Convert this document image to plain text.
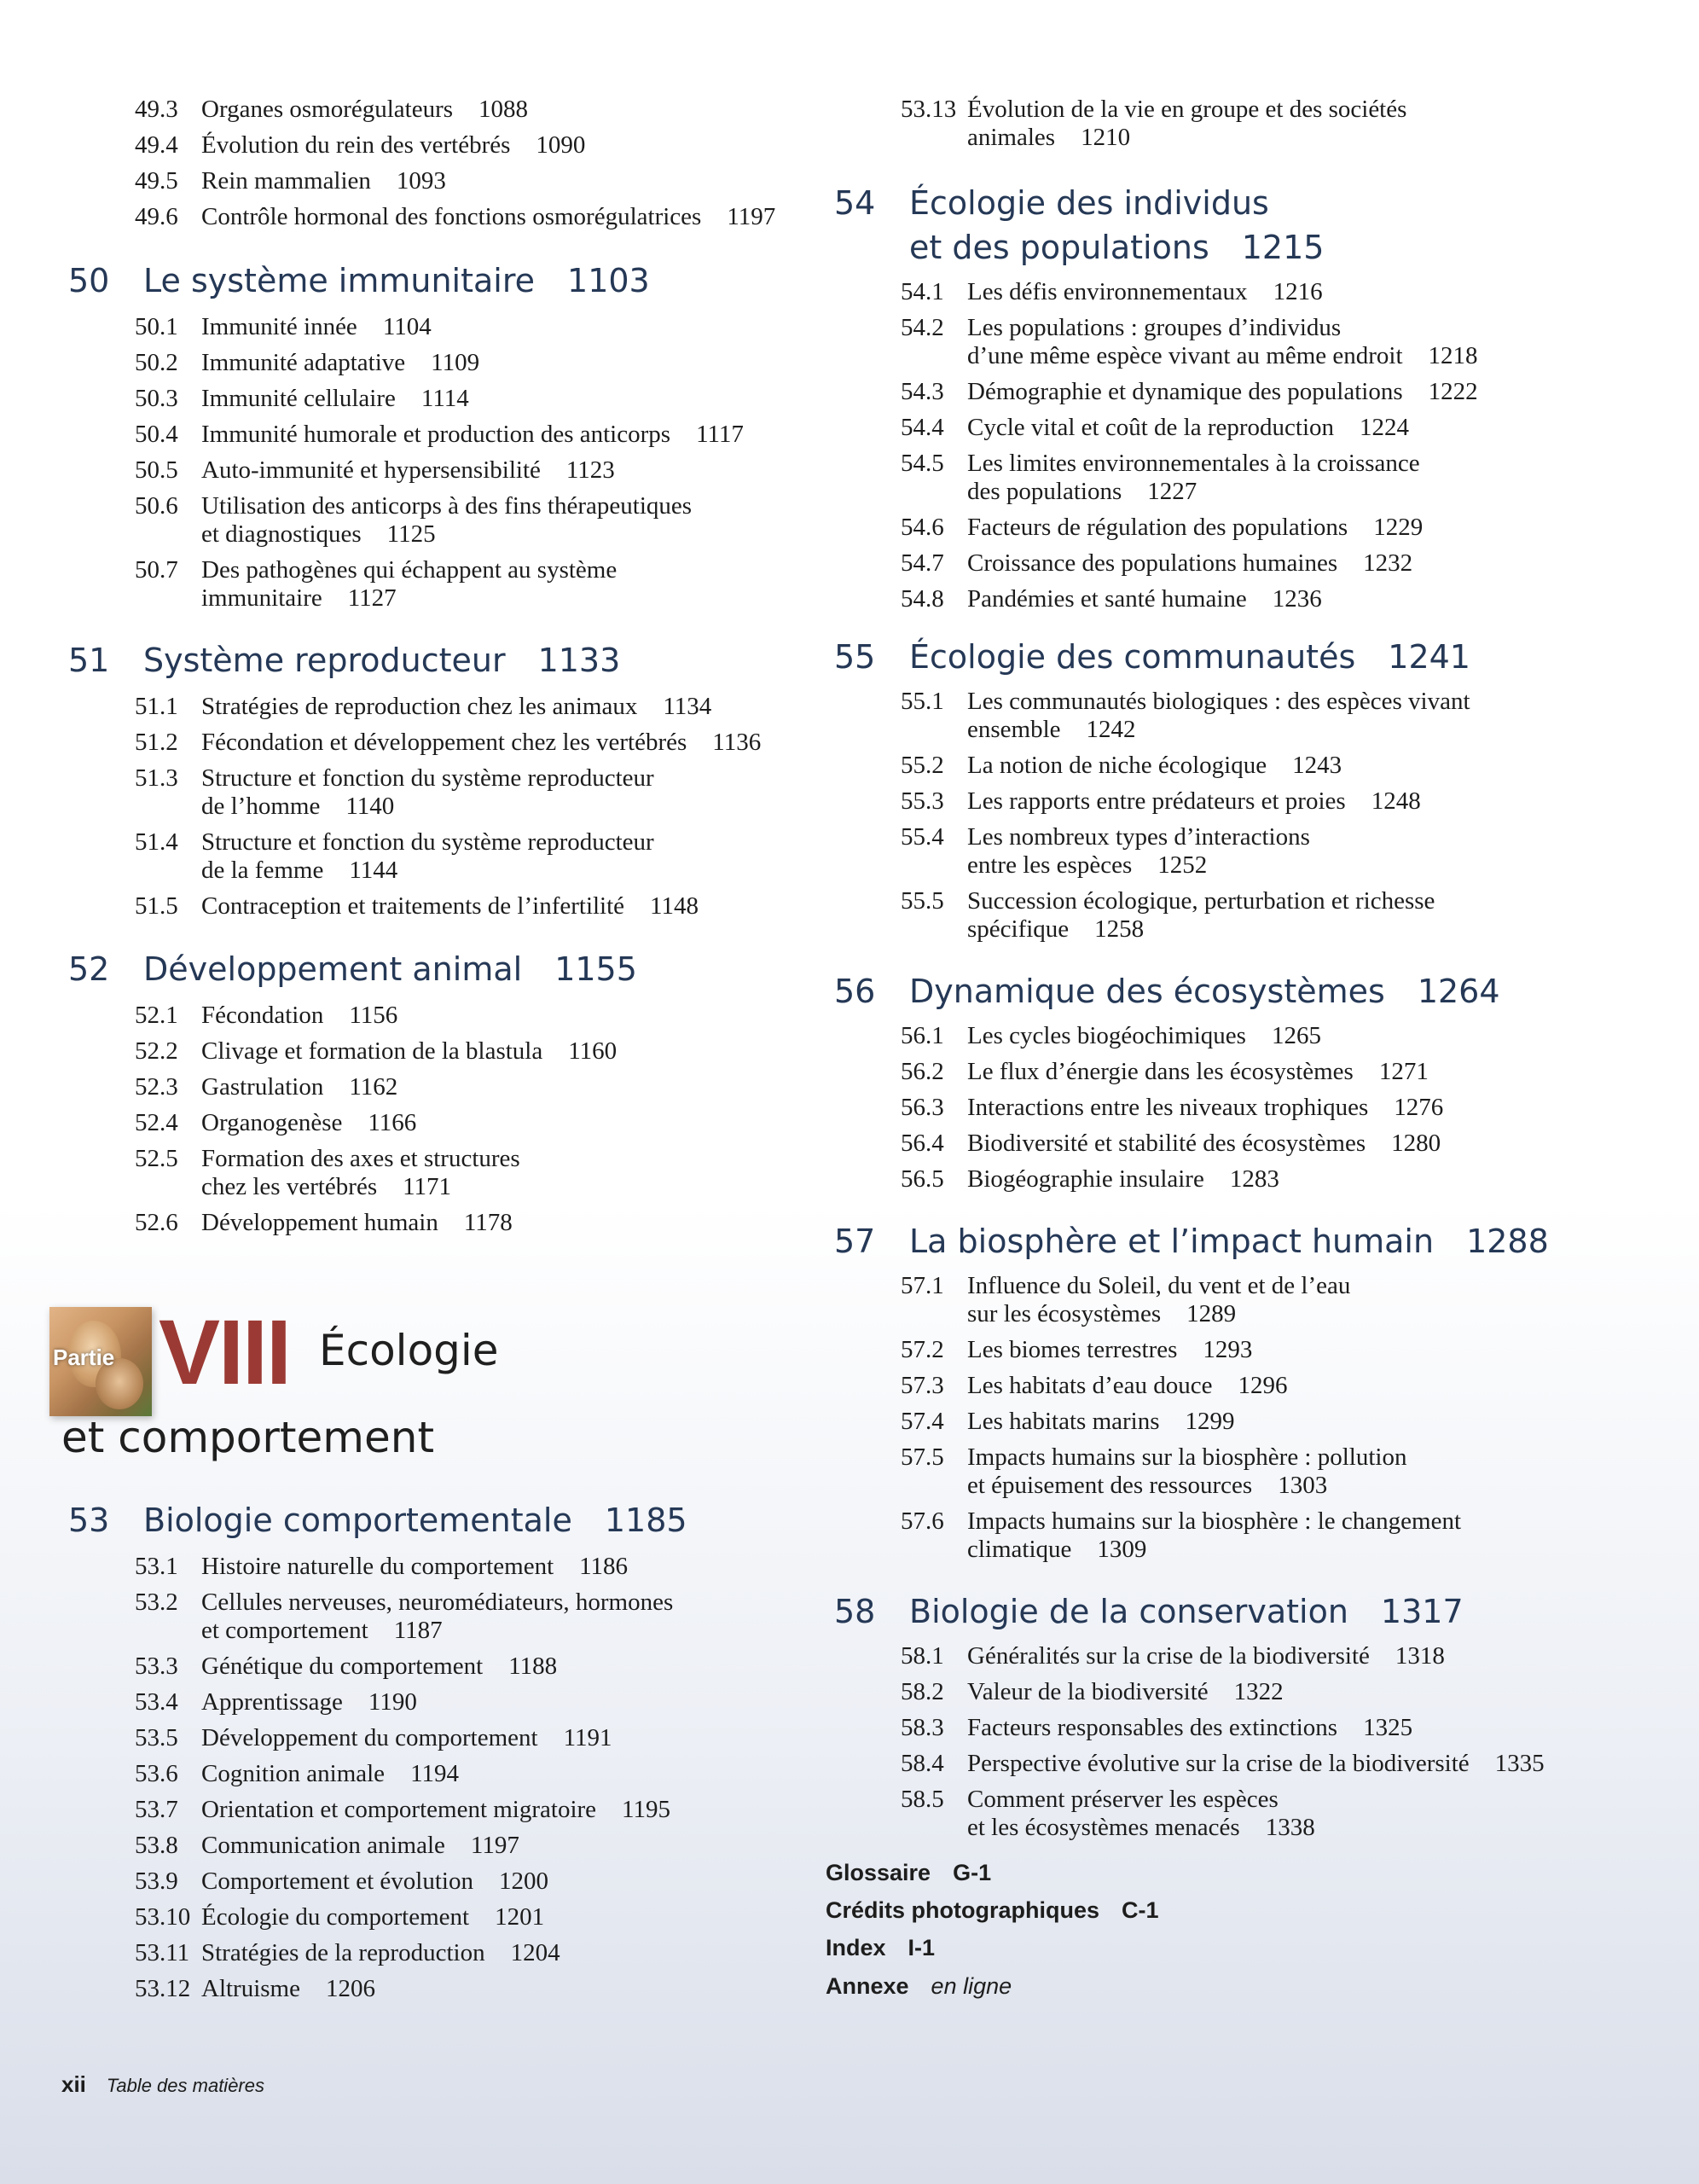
49.3 Organes osmorégulateurs 1088
49.4 Évolution du rein des vertébrés 1090
49.5 Rein mammalien 1093
49.6 Contrôle hormonal des fonctions osmorégulatrices 1197
50 Le système immunitaire 1103
50.1 Immunité innée 1104
50.2 Immunité adaptative 1109
50.3 Immunité cellulaire 1114
50.4 Immunité humorale et production des anticorps 1117
50.5 Auto-immunité et hypersensibilité 1123
50.6 Utilisation des anticorps à des fins thérapeutiques
et diagnostiques 1125
50.7 Des pathogènes qui échappent au système
immunitaire 1127
51 Système reproducteur 1133
51.1 Stratégies de reproduction chez les animaux 1134
51.2 Fécondation et développement chez les vertébrés 1136
51.3 Structure et fonction du système reproducteur
de l’homme 1140
51.4 Structure et fonction du système reproducteur
de la femme 1144
51.5 Contraception et traitements de l’infertilité 1148
52 Développement animal 1155
52.1 Fécondation 1156
52.2 Clivage et formation de la blastula 1160
52.3 Gastrulation 1162
52.4 Organogenèse 1166
52.5 Formation des axes et structures
chez les vertébrés 1171
52.6 Développement humain 1178
53 Biologie comportementale 1185
53.1 Histoire naturelle du comportement 1186
53.2 Cellules nerveuses, neuromédiateurs, hormones
et comportement 1187
53.3 Génétique du comportement 1188
53.4 Apprentissage 1190
53.5 Développement du comportement 1191
53.6 Cognition animale 1194
53.7 Orientation et comportement migratoire 1195
53.8 Communication animale 1197
53.9 Comportement et évolution 1200
53.10 Écologie du comportement 1201
53.11 Stratégies de la reproduction 1204
53.12 Altruisme 1206
53.13 Évolution de la vie en groupe et des sociétés
animales 1210
54 Écologie des individus
et des populations 1215
54.1 Les défis environnementaux 1216
54.2 Les populations : groupes d’individus
d’une même espèce vivant au même endroit 1218
54.3 Démographie et dynamique des populations 1222
54.4 Cycle vital et coût de la reproduction 1224
54.5 Les limites environnementales à la croissance
des populations 1227
54.6 Facteurs de régulation des populations 1229
54.7 Croissance des populations humaines 1232
54.8 Pandémies et santé humaine 1236
55 Écologie des communautés 1241
55.1 Les communautés biologiques : des espèces vivant
ensemble 1242
55.2 La notion de niche écologique 1243
55.3 Les rapports entre prédateurs et proies 1248
55.4 Les nombreux types d’interactions
entre les espèces 1252
55.5 Succession écologique, perturbation et richesse
spécifique 1258
56 Dynamique des écosystèmes 1264
56.1 Les cycles biogéochimiques 1265
56.2 Le flux d’énergie dans les écosystèmes 1271
56.3 Interactions entre les niveaux trophiques 1276
56.4 Biodiversité et stabilité des écosystèmes 1280
56.5 Biogéographie insulaire 1283
57 La biosphère et l’impact humain 1288
57.1 Influence du Soleil, du vent et de l’eau
sur les écosystèmes 1289
57.2 Les biomes terrestres 1293
57.3 Les habitats d’eau douce 1296
57.4 Les habitats marins 1299
57.5 Impacts humains sur la biosphère : pollution
et épuisement des ressources 1303
57.6 Impacts humains sur la biosphère : le changement
climatique 1309
58 Biologie de la conservation 1317
58.1 Généralités sur la crise de la biodiversité 1318
58.2 Valeur de la biodiversité 1322
58.3 Facteurs responsables des extinctions 1325
58.4 Perspective évolutive sur la crise de la biodiversité 1335
58.5 Comment préserver les espèces
et les écosystèmes menacés 1338
Glossaire G-1
Crédits photographiques C-1
Index I-1
Annexe en ligne
Partie VIII Écologie
et comportement
xii Table des matières
